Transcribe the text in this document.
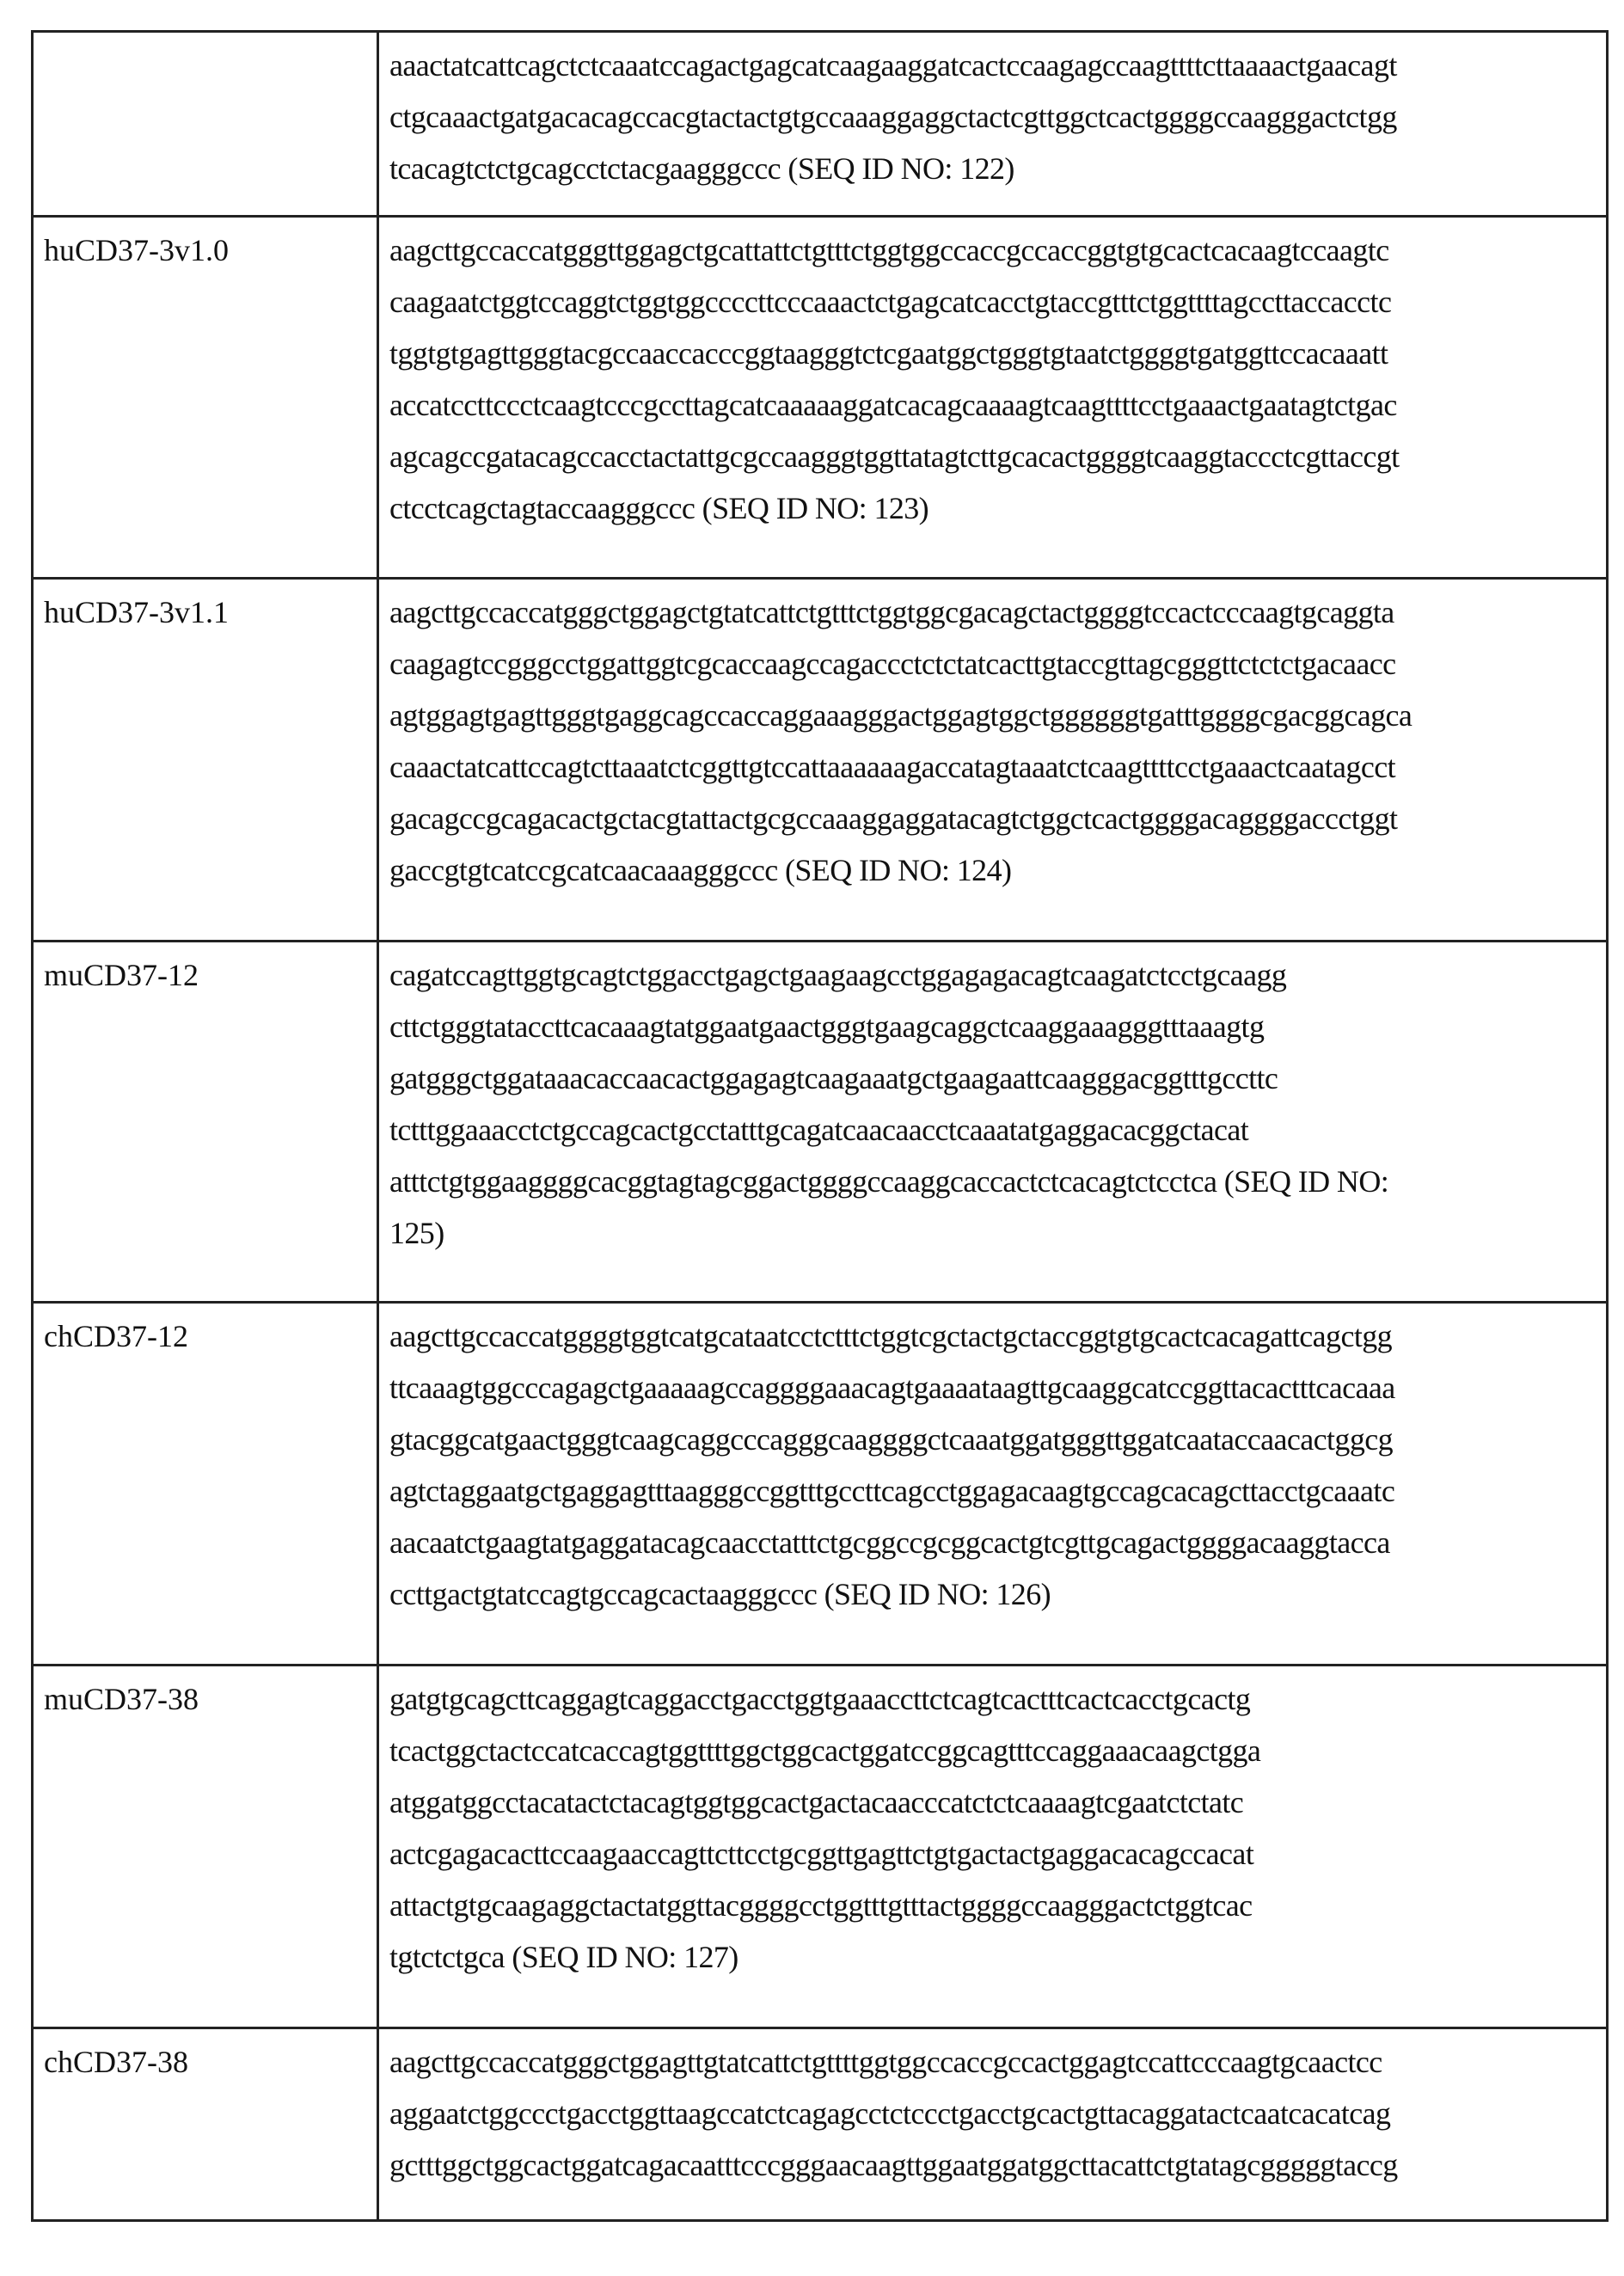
aaactatcattcagctctcaaatccagactgagcatcaagaaggatcactccaagagccaagttttcttaaaactgaacagt
ctgcaaactgatgacacagccacgtactactgtgccaaaggaggctactcgttggctcactggggccaagggactctgg
tcacagtctctgcagcctctacgaagggccc (SEQ ID NO: 122)

huCD37-3v1.0	aagcttgccaccatgggttggagctgcattattctgtttctggtggccaccgccaccggtgtgcactcacaagtccaagtc
caagaatctggtccaggtctggtggccccttcccaaactctgagcatcacctgtaccgtttctggttttagccttaccacctc
tggtgtgagttgggtacgccaaccacccggtaagggtctcgaatggctgggtgtaatctggggtgatggttccacaaatt
accatccttccctcaagtcccgccttagcatcaaaaaggatcacagcaaaagtcaagttttcctgaaactgaatagtctgac
agcagccgatacagccacctactattgcgccaagggtggttatagtcttgcacactggggtcaaggtaccctcgttaccgt
ctcctcagctagtaccaagggccc (SEQ ID NO: 123)

huCD37-3v1.1	aagcttgccaccatgggctggagctgtatcattctgtttctggtggcgacagctactggggtccactcccaagtgcaggta
caagagtccgggcctggattggtcgcaccaagccagaccctctctatcacttgtaccgttagcgggttctctctgacaacc
agtggagtgagttgggtgaggcagccaccaggaaagggactggagtggctggggggtgatttggggcgacggcagca
caaactatcattccagtcttaaatctcggttgtccattaaaaaagaccatagtaaatctcaagttttcctgaaactcaatagcct
gacagccgcagacactgctacgtattactgcgccaaaggaggatacagtctggctcactggggacaggggaccctggt
gaccgtgtcatccgcatcaacaaagggccc (SEQ ID NO: 124)

muCD37-12	cagatccagttggtgcagtctggacctgagctgaagaagcctggagagacagtcaagatctcctgcaagg
cttctgggtataccttcacaaagtatggaatgaactgggtgaagcaggctcaaggaaagggtttaaagtg
gatgggctggataaacaccaacactggagagtcaagaaatgctgaagaattcaagggacggtttgccttc
tctttggaaacctctgccagcactgcctatttgcagatcaacaacctcaaatatgaggacacggctacat
atttctgtggaaggggcacggtagtagcggactggggccaaggcaccactctcacagtctcctca (SEQ ID NO:
125)

chCD37-12	aagcttgccaccatggggtggtcatgcataatcctctttctggtcgctactgctaccggtgtgcactcacagattcagctgg
ttcaaagtggcccagagctgaaaaagccaggggaaacagtgaaaataagttgcaaggcatccggttacactttcacaaa
gtacggcatgaactgggtcaagcaggcccagggcaaggggctcaaatggatgggttggatcaataccaacactggcg
agtctaggaatgctgaggagtttaagggccggtttgccttcagcctggagacaagtgccagcacagcttacctgcaaatc
aacaatctgaagtatgaggatacagcaacctatttctgcggccgcggcactgtcgttgcagactggggacaaggtacca
ccttgactgtatccagtgccagcactaagggccc (SEQ ID NO: 126)

muCD37-38	gatgtgcagcttcaggagtcaggacctgacctggtgaaaccttctcagtcactttcactcacctgcactg
tcactggctactccatcaccagtggttttggctggcactggatccggcagtttccaggaaacaagctgga
atggatggcctacatactctacagtggtggcactgactacaacccatctctcaaaagtcgaatctctatc
actcgagacacttccaagaaccagttcttcctgcggttgagttctgtgactactgaggacacagccacat
attactgtgcaagaggctactatggttacggggcctggtttgtttactggggccaagggactctggtcac
tgtctctgca (SEQ ID NO: 127)

chCD37-38	aagcttgccaccatgggctggagttgtatcattctgttttggtggccaccgccactggagtccattcccaagtgcaactcc
aggaatctggccctgacctggttaagccatctcagagcctctccctgacctgcactgttacaggatactcaatcacatcag
gctttggctggcactggatcagacaatttcccgggaacaagttggaatggatggcttacattctgtatagcgggggtaccg
